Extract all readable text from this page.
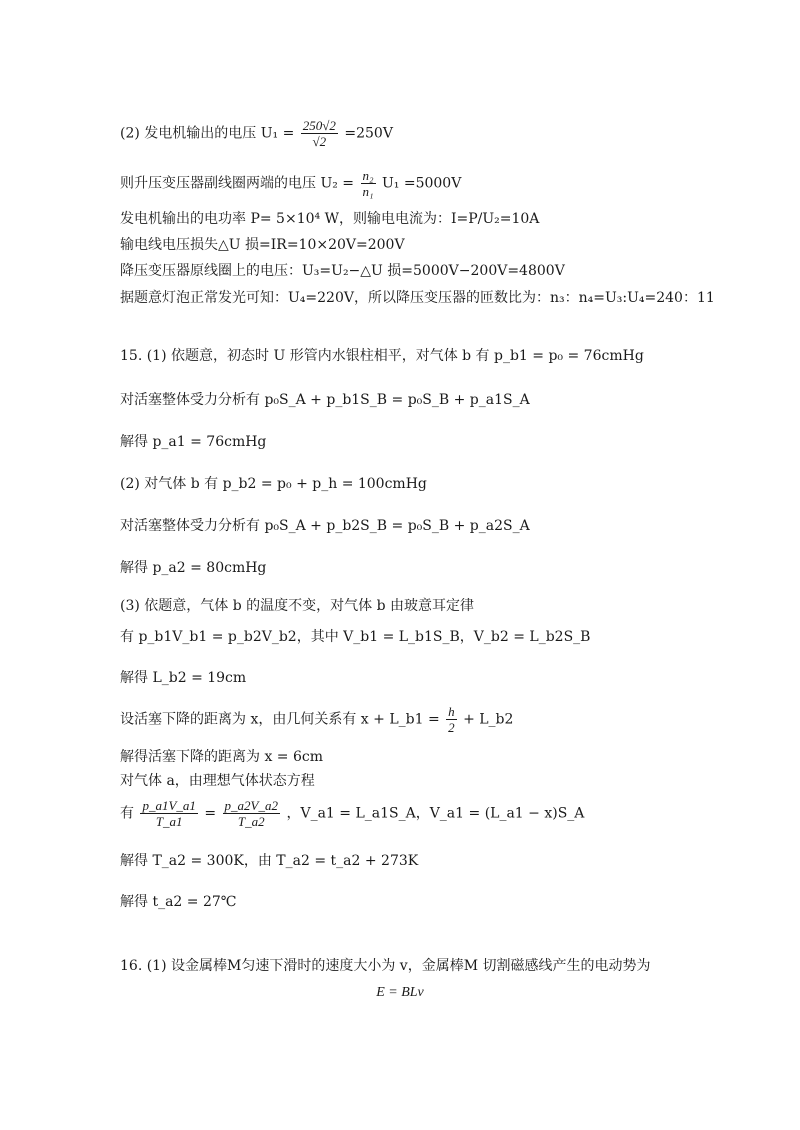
(2) 发电机输出的电压 $U_1 = \frac{250√2}{√2} =250V$
则升压变压器副线圈两端的电压 $U_2 = \frac{\text{n₂}}{\text{n₁}} U_1 =5000V$
发电机输出的电功率 P= 5×10⁴ W，则输电电流为：I=P/U₂=10A
输电线电压损失△U 损=IR=10×20V=200V
降压变压器原线圈上的电压：U₃=U₂−△U 损=5000V−200V=4800V
据题意灯泡正常发光可知：U₄=220V，所以降压变压器的匝数比为：n₃：n₄=U₃:U₄=240：11
15. (1) 依题意，初态时 U 形管内水银柱相平，对气体 b 有 p_b1 = p₀ = 76cmHg
对活塞整体受力分析有 p₀S_A + p_b1S_B = p₀S_B + p_a1S_A
解得 p_a1 = 76cmHg
(2) 对气体 b 有 p_b2 = p₀ + p_h = 100cmHg
对活塞整体受力分析有 p₀S_A + p_b2S_B = p₀S_B + p_a2S_A
解得 p_a2 = 80cmHg
(3) 依题意，气体 b 的温度不变，对气体 b 由玻意耳定律
有 p_b1V_b1 = p_b2V_b2，其中 V_b1 = L_b1S_B，V_b2 = L_b2S_B
解得 L_b2 = 19cm
设活塞下降的距离为 x，由几何关系有 x + L_b1 = $\frac{h}{2}$ + L_b2
解得活塞下降的距离为 x = 6cm
对气体 a，由理想气体状态方程
有 $\frac{p\_a1V\_a1}{T\_a1} = \frac{p\_a2V\_a2}{T\_a2}$ ，V_a1 = L_a1S_A，V_a1 = (L_a1 − x)S_A
解得 T_a2 = 300K，由 T_a2 = t_a2 + 273K
解得 t_a2 = 27℃
16. (1) 设金属棒M匀速下滑时的速度大小为 v，金属棒M 切割磁感线产生的电动势为
E = BLv
